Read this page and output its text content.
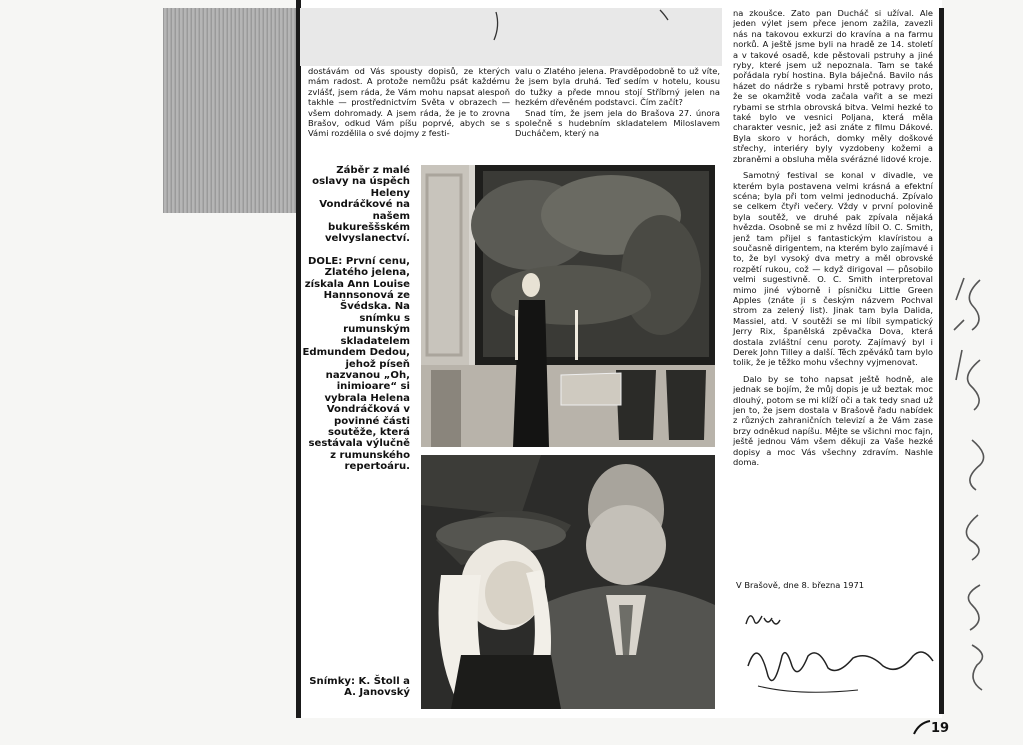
dostávám od Vás spousty dopisů, ze kterých mám radost. A protože nemůžu psát každému zvlášť, jsem ráda, že Vám mohu napsat alespoň takhle — prostřednictvím Světa v obrazech — všem dohromady. A jsem ráda, že je to zrovna Brašov, odkud Vám píšu poprvé, abych se s Vámi rozdělila o své dojmy z festi-

valu o Zlatého jelena. Pravděpodobně to už víte, že jsem byla druhá. Teď sedím v hotelu, kousu do tužky a přede mnou stojí Stříbrný jelen na hezkém dřevěném podstavci. Čím začít?

Snad tím, že jsem jela do Brašova 27. února společně s hudebním skladatelem Miloslavem Ducháčem, který na

Záběr z malé oslavy na úspěch Heleny Vondráčkové na našem bukureššském velvyslanectví.

DOLE: První cenu, Zlatého jelena, získala Ann Louise Hannsonová ze Švédska. Na snímku s rumunským skladatelem Edmundem Dedou, jehož píseň nazvanou „Oh, inimioare“ si vybrala Helena Vondráčková v povinné části soutěže, která sestávala výlučně z rumunského repertoáru.

Snímky: K. Štoll a A. Janovský

na zkoušce. Zato pan Ducháč si užíval. Ale jeden výlet jsem přece jenom zažila, zavezli nás na takovou exkurzi do kravína a na farmu norků. A ještě jsme byli na hradě ze 14. století a v takové osadě, kde pěstovali pstruhy a jiné ryby, které jsem už nepoznala. Tam se také pořádala rybí hostina. Byla báječná. Bavilo nás házet do nádrže s rybami hrstě potravy proto, že se okamžitě voda začala vařit a se mezi rybami se strhla obrovská bitva. Velmi hezké to také bylo ve vesnici Poljana, která měla charakter vesnic, jež asi znáte z filmu Dákové. Byla skoro v horách, domky měly doškové střechy, interiéry byly vyzdobeny kožemi a zbraněmi a obsluha měla svérázné lidové kroje.

Samotný festival se konal v divadle, ve kterém byla postavena velmi krásná a efektní scéna; byla při tom velmi jednoduchá. Zpívalo se celkem čtyři večery. Vždy v první polovině byla soutěž, ve druhé pak zpívala nějaká hvězda. Osobně se mi z hvězd líbil O. C. Smith, jenž tam přijel s fantastickým klavíristou a současně dirigentem, na kterém bylo zajímavé i to, že byl vysoký dva metry a měl obrovské rozpětí rukou, což — když dirigoval — působilo velmi sugestivně. O. C. Smith interpretoval mimo jiné výborně i písničku Little Green Apples (znáte ji s českým názvem Pochval strom za zelený list). Jinak tam byla Dalida, Massiel, atd. V soutěži se mi líbil sympatický Jerry Rix, španělská zpěvačka Dova, která dostala zvláštní cenu poroty. Zajímavý byl i Derek John Tilley a další. Těch zpěváků tam bylo tolik, že je těžko mohu všechny vyjmenovat.

Dalo by se toho napsat ještě hodně, ale jednak se bojím, že můj dopis je už beztak moc dlouhý, potom se mi klíží oči a tak tedy snad už jen to, že jsem dostala v Brašově řadu nabídek z různých zahraničních televizí a že Vám zase brzy odněkud napíšu. Mějte se všichni moc fajn, ještě jednou Vám všem děkuji za Vaše hezké dopisy a moc Vás všechny zdravím. Nashle doma.

V Brašově, dne 8. března 1971
19
